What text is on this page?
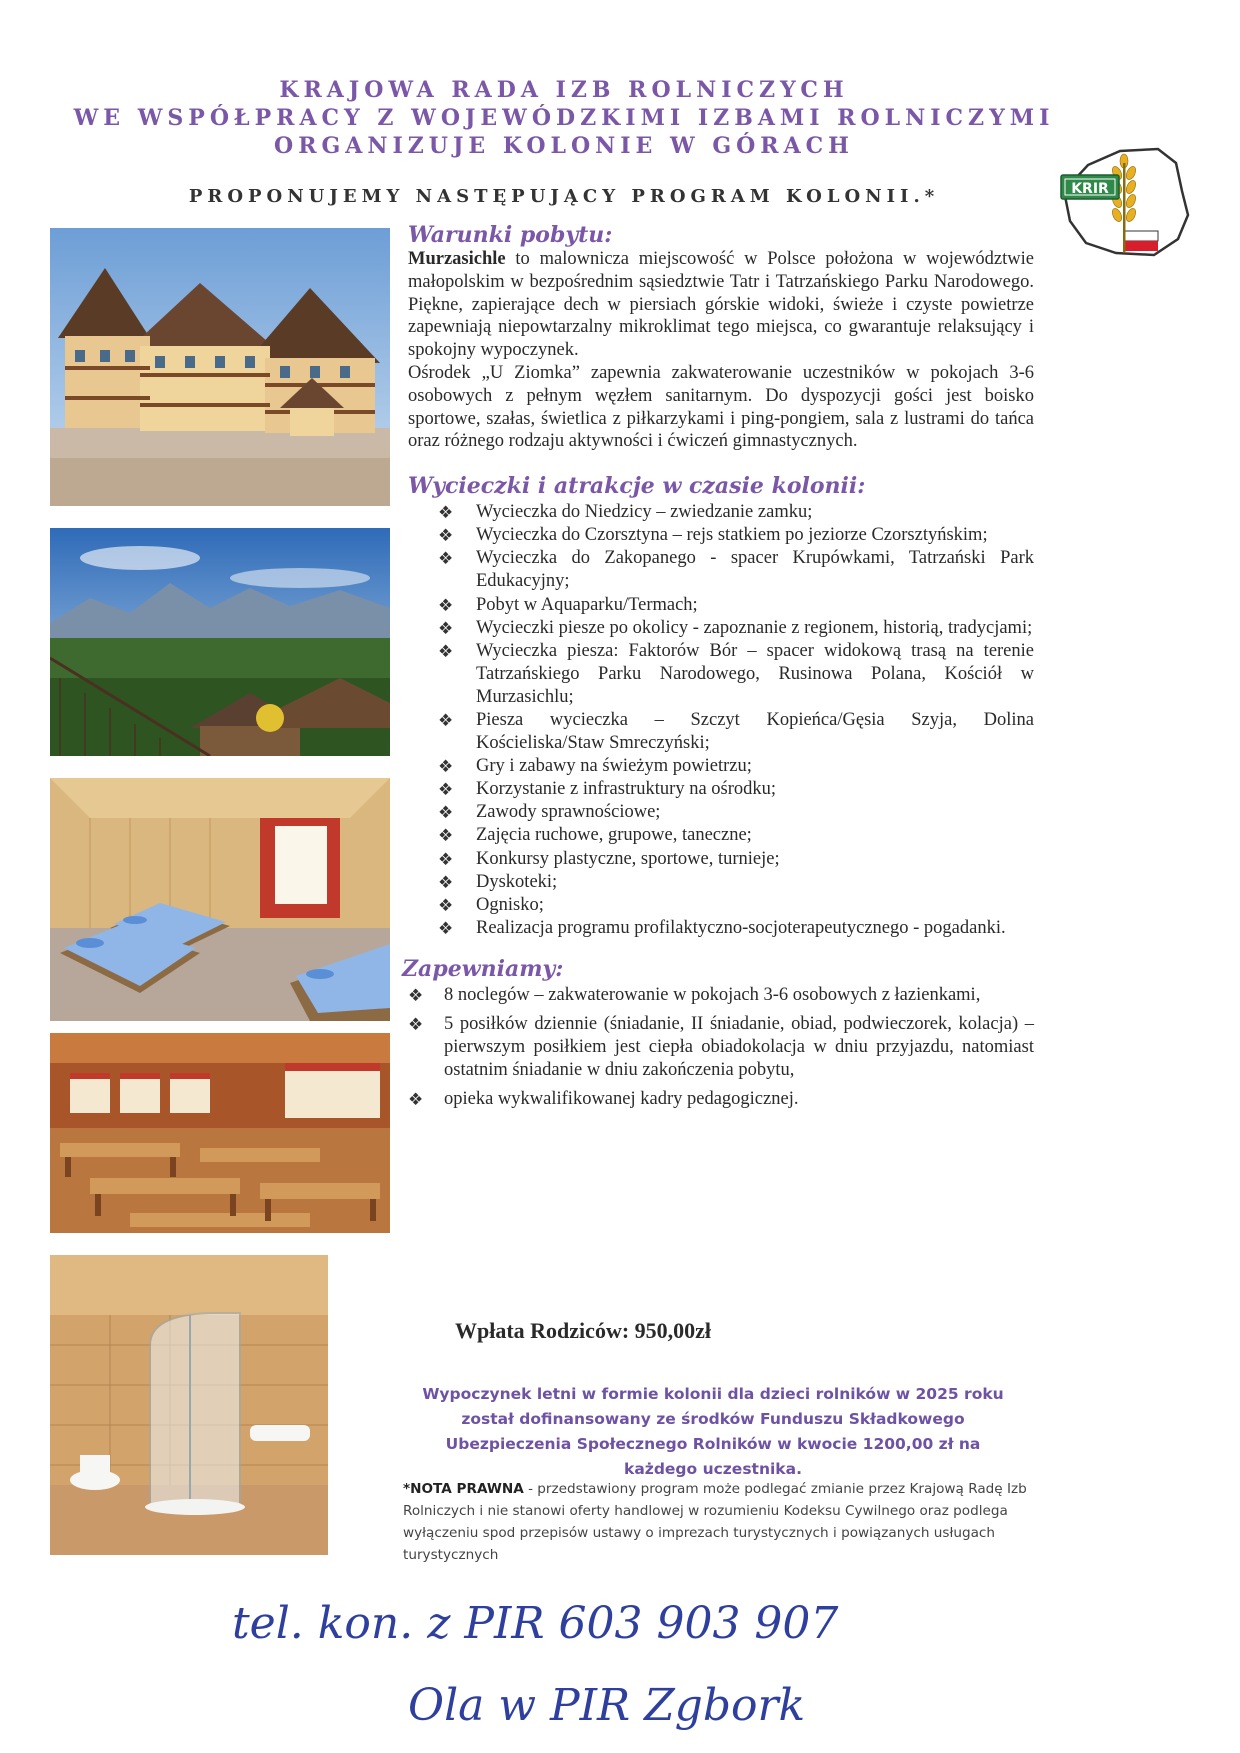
KRAJOWA RADA IZB ROLNICZYCH
WE WSPÓŁPRACY Z WOJEWÓDZKIMI IZBAMI ROLNICZYMI
ORGANIZUJE KOLONIE W GÓRACH
PROPONUJEMY NASTĘPUJĄCY PROGRAM KOLONII.*	KRIR
Warunki pobytu:

Murzasichle to malownicza miejscowość w Polsce położona w województwie małopolskim w bezpośrednim sąsiedztwie Tatr i Tatrzańskiego Parku Narodowego. Piękne, zapierające dech w piersiach górskie widoki, świeże i czyste powietrze zapewniają niepowtarzalny mikroklimat tego miejsca, co gwarantuje relaksujący i spokojny wypoczynek.

Ośrodek „U Ziomka” zapewnia zakwaterowanie uczestników w pokojach 3-6 osobowych z pełnym węzłem sanitarnym. Do dyspozycji gości jest boisko sportowe, szałas, świetlica z piłkarzykami i ping-pongiem, sala z lustrami do tańca oraz różnego rodzaju aktywności i ćwiczeń gimnastycznych.

Wycieczki i atrakcje w czasie kolonii:
❖ Wycieczka do Niedzicy – zwiedzanie zamku;
❖ Wycieczka do Czorsztyna – rejs statkiem po jeziorze Czorsztyńskim;
❖ Wycieczka do Zakopanego - spacer Krupówkami, Tatrzański Park Edukacyjny;
❖ Pobyt w Aquaparku/Termach;
❖ Wycieczki piesze po okolicy - zapoznanie z regionem, historią, tradycjami;
❖ Wycieczka piesza: Faktorów Bór – spacer widokową trasą na terenie Tatrzańskiego Parku Narodowego, Rusinowa Polana, Kościół w Murzasichlu;
❖ Piesza wycieczka – Szczyt Kopieńca/Gęsia Szyja, Dolina Kościeliska/Staw Smreczyński;
❖ Gry i zabawy na świeżym powietrzu;
❖ Korzystanie z infrastruktury na ośrodku;
❖ Zawody sprawnościowe;
❖ Zajęcia ruchowe, grupowe, taneczne;
❖ Konkursy plastyczne, sportowe, turnieje;
❖ Dyskoteki;
❖ Ognisko;
❖ Realizacja programu profilaktyczno-socjoterapeutycznego - pogadanki.
Zapewniamy:
❖ 8 noclegów – zakwaterowanie w pokojach 3-6 osobowych z łazienkami,
❖ 5 posiłków dziennie (śniadanie, II śniadanie, obiad, podwieczorek, kolacja) – pierwszym posiłkiem jest ciepła obiadokolacja w dniu przyjazdu, natomiast ostatnim śniadanie w dniu zakończenia pobytu,
❖ opieka wykwalifikowanej kadry pedagogicznej.
Wpłata Rodziców: 950,00zł
Wypoczynek letni w formie kolonii dla dzieci rolników w 2025 roku został dofinansowany ze środków Funduszu Składkowego Ubezpieczenia Społecznego Rolników w kwocie 1200,00 zł na każdego uczestnika.
*NOTA PRAWNA - przedstawiony program może podlegać zmianie przez Krajową Radę Izb Rolniczych i nie stanowi oferty handlowej w rozumieniu Kodeksu Cywilnego oraz podlega wyłączeniu spod przepisów ustawy o imprezach turystycznych i powiązanych usługach turystycznych
tel. kon. z PIR 603 903 907
Ola w PIR Zgbork
